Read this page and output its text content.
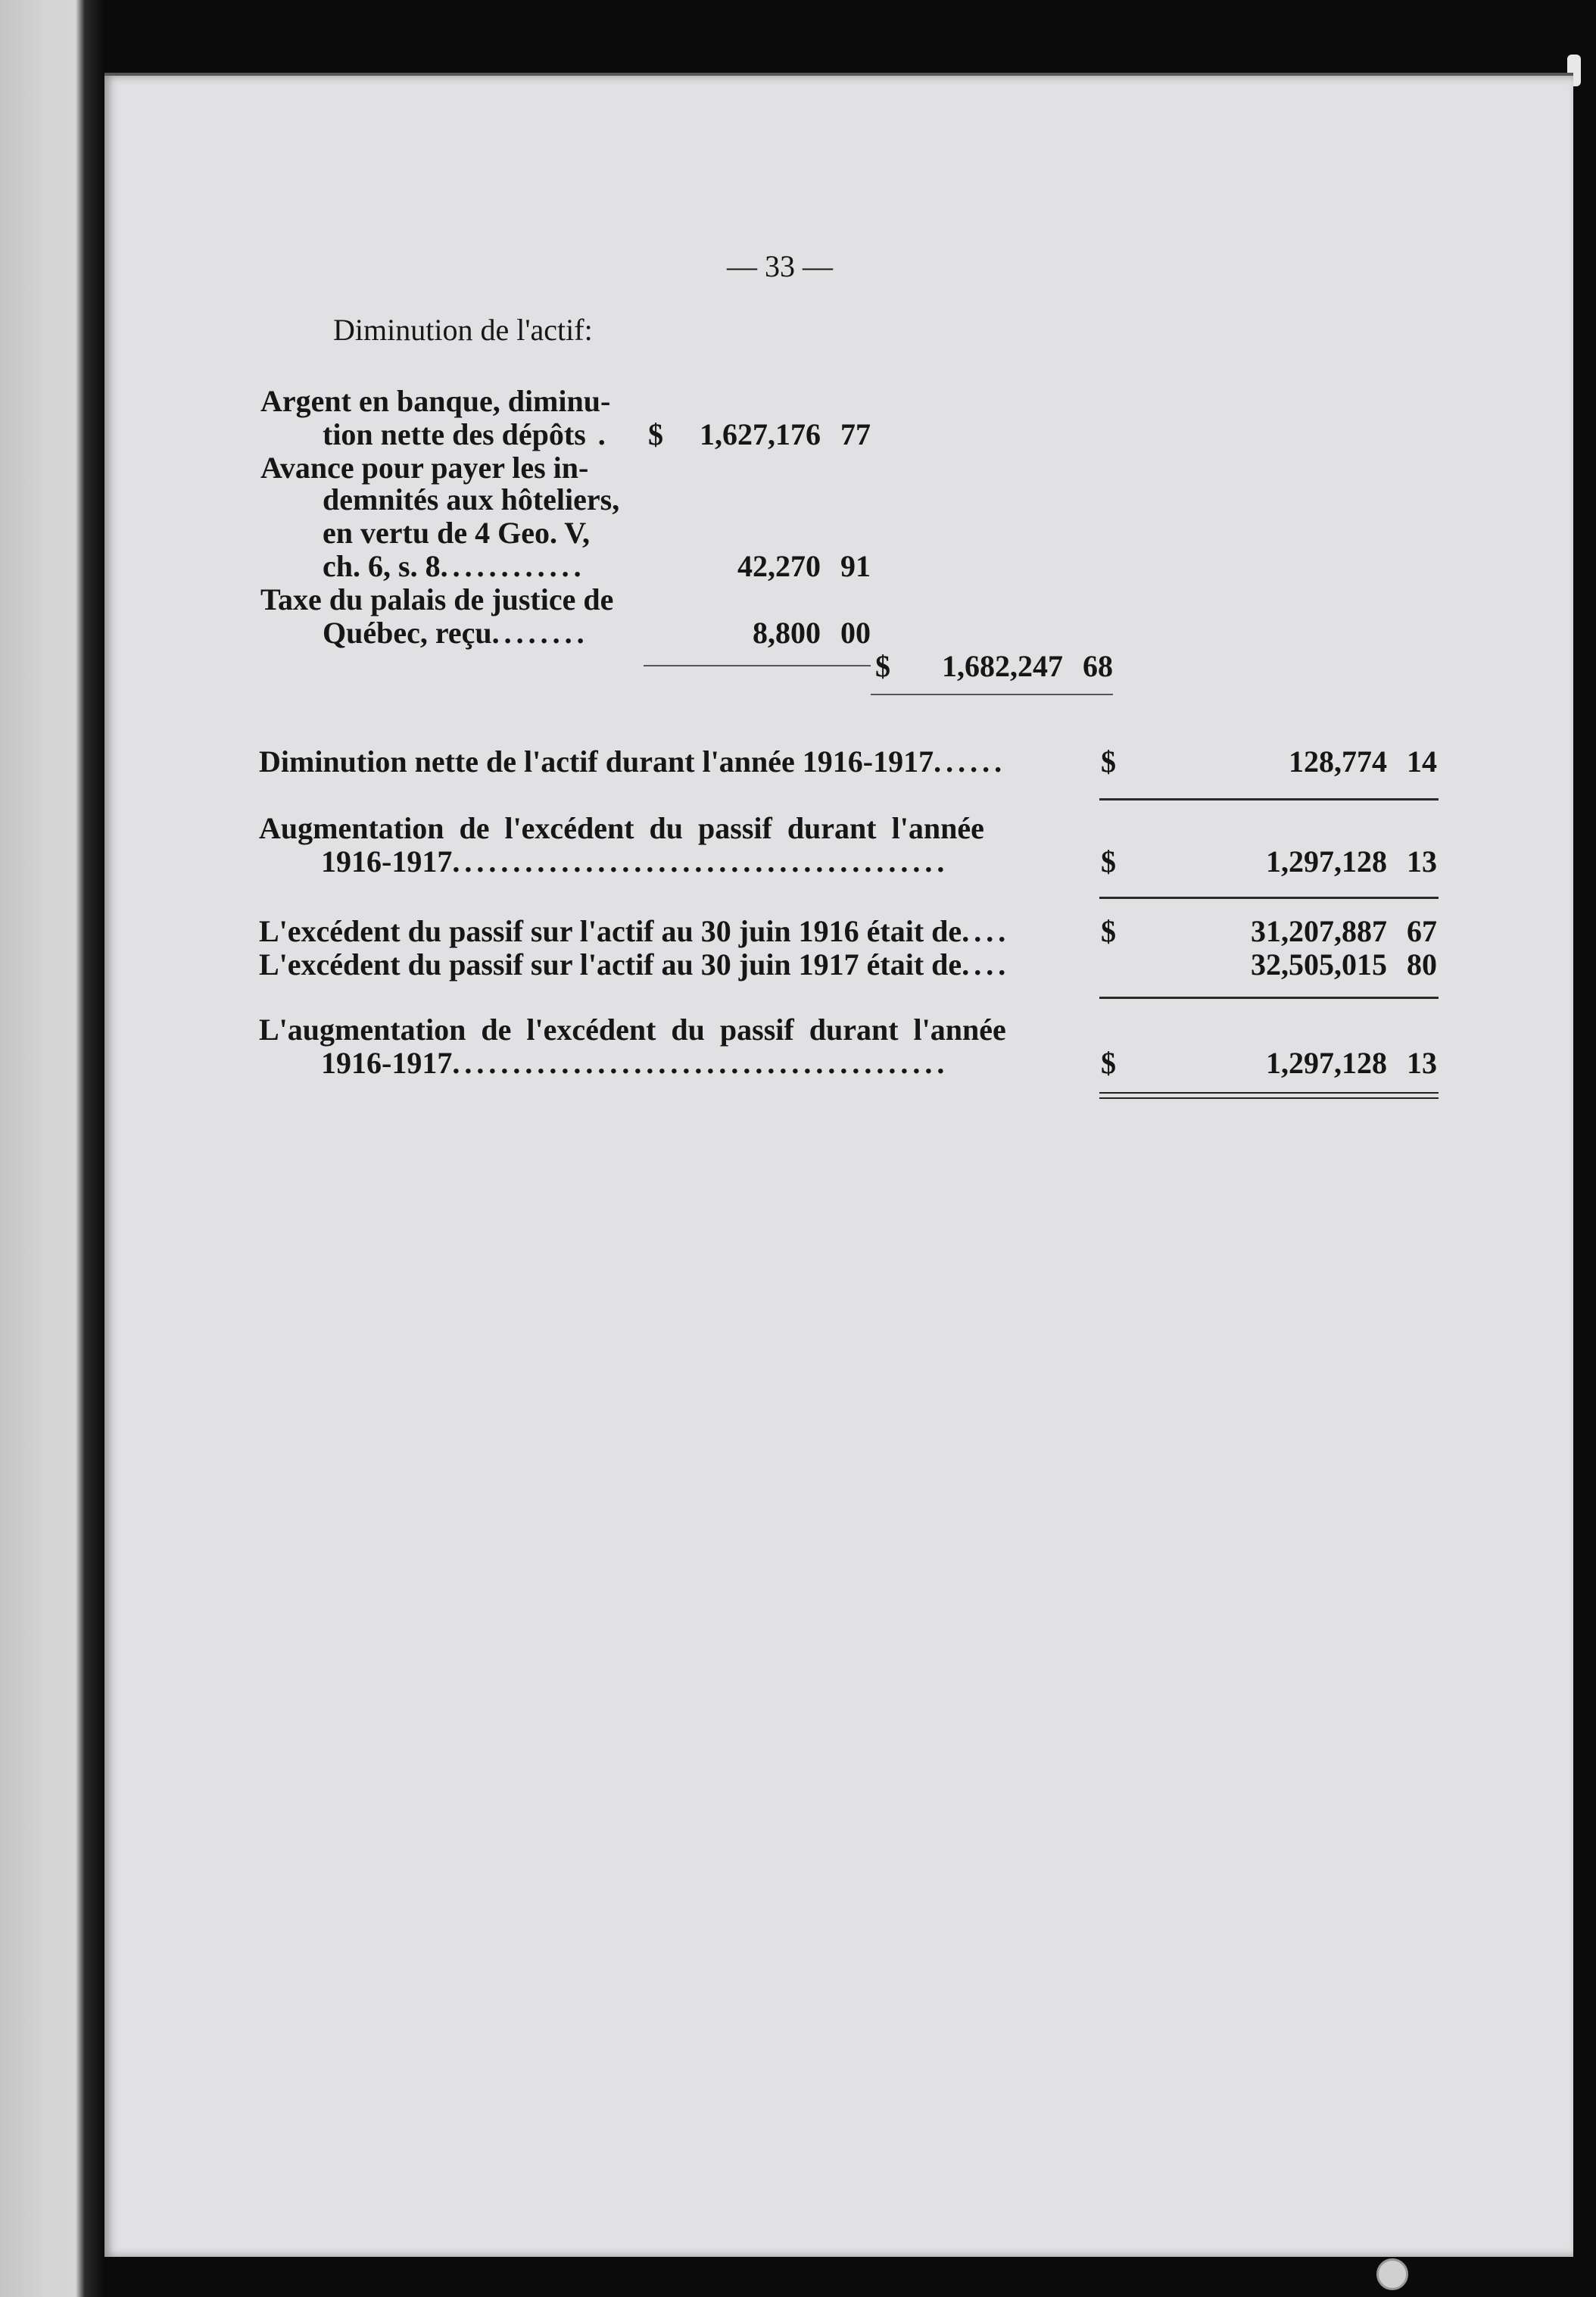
— 33 —
Diminution de l'actif:
Argent en banque, diminu-
tion nette des dépôts . $	1,627,176 77
Avance pour payer les in-
demnités aux hôteliers,
en vertu de 4 Geo. V,
ch. 6, s. 8............	42,270 91
Taxe du palais de justice de
Québec, reçu........	8,800 00
$	1,682,247 68
Diminution nette de l'actif durant l'année 1916-1917......	$	128,774 14
Augmentation de l'excédent du passif durant l'année
1916-1917.........................................	$	1,297,128 13
L'excédent du passif sur l'actif au 30 juin 1916 était de....	$	31,207,887 67
L'excédent du passif sur l'actif au 30 juin 1917 était de....	32,505,015 80
L'augmentation de l'excédent du passif durant l'année
1916-1917.........................................	$	1,297,128 13
